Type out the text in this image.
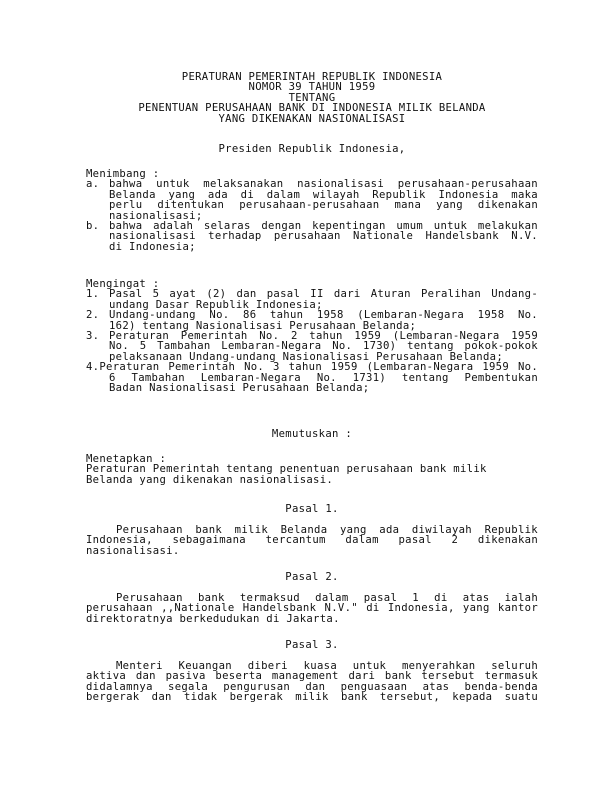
PERATURAN PEMERINTAH REPUBLIK INDONESIA
NOMOR 39 TAHUN 1959
TENTANG
PENENTUAN PERUSAHAAN BANK DI INDONESIA MILIK BELANDA
YANG DIKENAKAN NASIONALISASI
Presiden Republik Indonesia,
Menimbang :
a. bahwa untuk melaksanakan nasionalisasi perusahaan-perusahaan
Belanda yang ada di dalam wilayah Republik Indonesia maka
perlu ditentukan perusahaan-perusahaan mana yang dikenakan
nasionalisasi;
b. bahwa adalah selaras dengan kepentingan umum untuk melakukan
nasionalisasi terhadap perusahaan Nationale Handelsbank N.V.
di Indonesia;
Mengingat :
1. Pasal 5 ayat (2) dan pasal II dari Aturan Peralihan Undang-
undang Dasar Republik Indonesia;
2. Undang-undang No. 86 tahun 1958 (Lembaran-Negara 1958 No.
162) tentang Nasionalisasi Perusahaan Belanda;
3. Peraturan Pemerintah No. 2 tahun 1959 (Lembaran-Negara 1959
No. 5 Tambahan Lembaran-Negara No. 1730) tentang pokok-pokok
pelaksanaan Undang-undang Nasionalisasi Perusahaan Belanda;
4.Peraturan Pemerintah No. 3 tahun 1959 (Lembaran-Negara 1959 No.
6 Tambahan Lembaran-Negara No. 1731) tentang Pembentukan
Badan Nasionalisasi Perusahaan Belanda;
Memutuskan :
Menetapkan :
Peraturan Pemerintah tentang penentuan perusahaan bank milik
Belanda yang dikenakan nasionalisasi.
Pasal 1.
Perusahaan bank milik Belanda yang ada diwilayah Republik
Indonesia, sebagaimana tercantum dalam pasal 2 dikenakan
nasionalisasi.
Pasal 2.
Perusahaan bank termaksud dalam pasal 1 di atas ialah
perusahaan ,,Nationale Handelsbank N.V." di Indonesia, yang kantor
direktoratnya berkedudukan di Jakarta.
Pasal 3.
Menteri Keuangan diberi kuasa untuk menyerahkan seluruh
aktiva dan pasiva beserta management dari bank tersebut termasuk
didalamnya segala pengurusan dan penguasaan atas benda-benda
bergerak dan tidak bergerak milik bank tersebut, kepada suatu
